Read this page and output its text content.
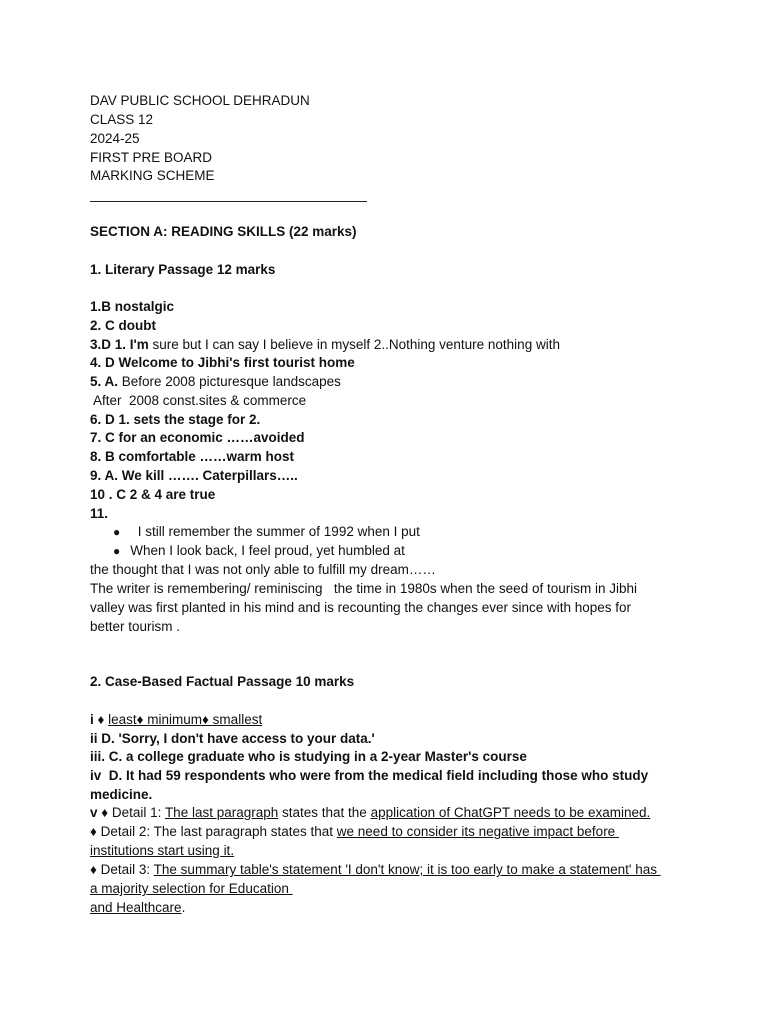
DAV PUBLIC SCHOOL DEHRADUN
CLASS 12
2024-25
FIRST PRE BOARD
MARKING SCHEME
SECTION A: READING SKILLS (22 marks)
1. Literary Passage 12 marks
1.B nostalgic
2. C doubt
3.D 1. I'm sure but I can say I believe in myself 2..Nothing venture nothing with
4. D Welcome to Jibhi's first tourist home
5. A. Before 2008 picturesque landscapes
After  2008 const.sites & commerce
6. D 1. sets the stage for 2.
7. C for an economic ……avoided
8. B comfortable ……warm host
9. A. We kill ……. Caterpillars…..
10 . C 2 & 4 are true
11.
●  I still remember the summer of 1992 when I put
● When I look back, I feel proud, yet humbled at
the thought that I was not only able to fulfill my dream……
The writer is remembering/ reminiscing   the time in 1980s when the seed of tourism in Jibhi
valley was first planted in his mind and is recounting the changes ever since with hopes for
better tourism .
2. Case-Based Factual Passage 10 marks
i ♦ least♦ minimum♦ smallest
ii D. 'Sorry, I don't have access to your data.'
iii. C. a college graduate who is studying in a 2-year Master's course
iv  D. It had 59 respondents who were from the medical field including those who study
medicine.
v ♦ Detail 1: The last paragraph states that the application of ChatGPT needs to be examined.
♦ Detail 2: The last paragraph states that we need to consider its negative impact before
institutions start using it.
♦ Detail 3: The summary table's statement 'I don't know; it is too early to make a statement' has
a majority selection for Education
and Healthcare.
